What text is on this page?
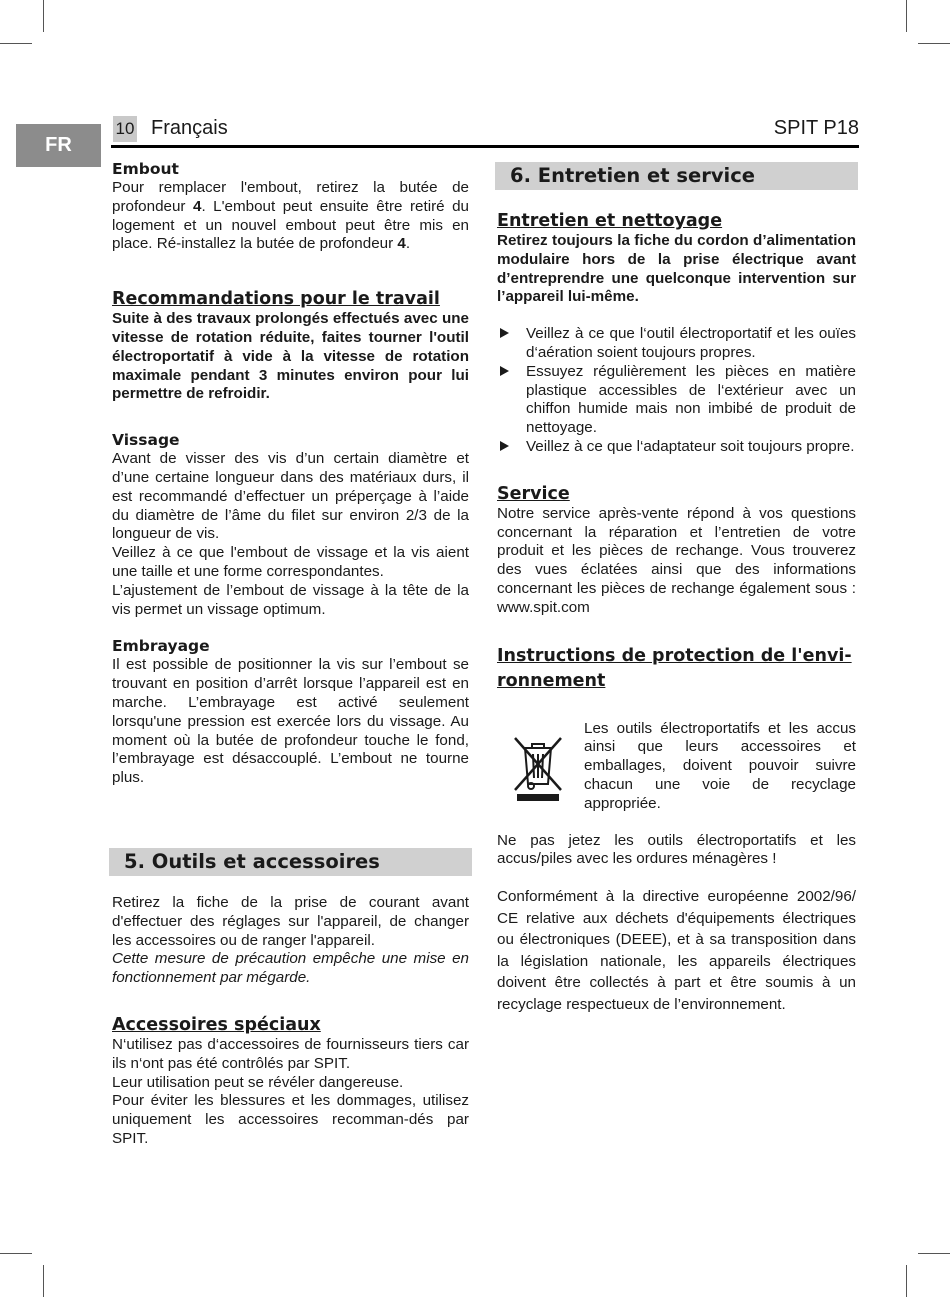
FR
10 Français	SPIT P18
Embout

Pour remplacer l'embout, retirez la butée de profondeur 4. L'embout peut ensuite être retiré du logement et un nouvel embout peut être mis en place. Ré-installez la butée de profondeur 4.

Recommandations pour le travail

Suite à des travaux prolongés effectués avec une vitesse de rotation réduite, faites tourner l'outil électroportatif à vide à la vitesse de rotation maximale pendant 3 minutes environ pour lui permettre de refroidir.

Vissage

Avant de visser des vis d’un certain diamètre et d’une certaine longueur dans des matériaux durs, il est recommandé d’effectuer un préperçage à l’aide du diamètre de l’âme du filet sur environ 2/3 de la longueur de vis.

Veillez à ce que l'embout de vissage et la vis aient une taille et une forme correspondantes.

L’ajustement de l’embout de vissage à la tête de la vis permet un vissage optimum.

Embrayage

Il est possible de positionner la vis sur l’embout se trouvant en position d’arrêt lorsque l’appareil est en marche. L’embrayage est activé seulement lorsqu'une pression est exercée lors du vissage. Au moment où la butée de profondeur touche le fond, l’embrayage est désaccouplé. L’embout ne tourne plus.

5. Outils et accessoires

Retirez la fiche de la prise de courant avant d'effectuer des réglages sur l'appareil, de changer les accessoires ou de ranger l'appareil.

Cette mesure de précaution empêche une mise en fonctionnement par mégarde.

Accessoires spéciaux

N‘utilisez pas d‘accessoires de fournisseurs tiers car ils n‘ont pas été contrôlés par SPIT.

Leur utilisation peut se révéler dangereuse.

Pour éviter les blessures et les dommages, utilisez uniquement les accessoires recomman-dés par SPIT.

6. Entretien et service
Entretien et nettoyage

Retirez toujours la fiche du cordon d’alimentation modulaire hors de la prise électrique avant d’entreprendre une quelconque intervention sur l’appareil lui-même.

Veillez à ce que l‘outil électroportatif et les ouïes d‘aération soient toujours propres.
Essuyez régulièrement les pièces en matière plastique accessibles de l‘extérieur avec un chiffon humide mais non imbibé de produit de nettoyage.
Veillez à ce que l‘adaptateur soit toujours propre.
Service

Notre service après-vente répond à vos questions concernant la réparation et l’entretien de votre produit et les pièces de rechange. Vous trouverez des vues éclatées ainsi que des informations concernant les pièces de rechange également sous : www.spit.com

Instructions de protection de l'envi-ronnement

Les outils électroportatifs et les accus ainsi que leurs accessoires et emballages, doivent pouvoir suivre chacun une voie de recyclage appropriée.

Ne pas jetez les outils électroportatifs et les accus/piles avec les ordures ménagères !

Conformément à la directive européenne 2002/96/ CE relative aux déchets d'équipements électriques ou électroniques (DEEE), et à sa transposition dans la législation nationale, les appareils électriques doivent être collectés à part et être soumis à un recyclage respectueux de l’environnement.
